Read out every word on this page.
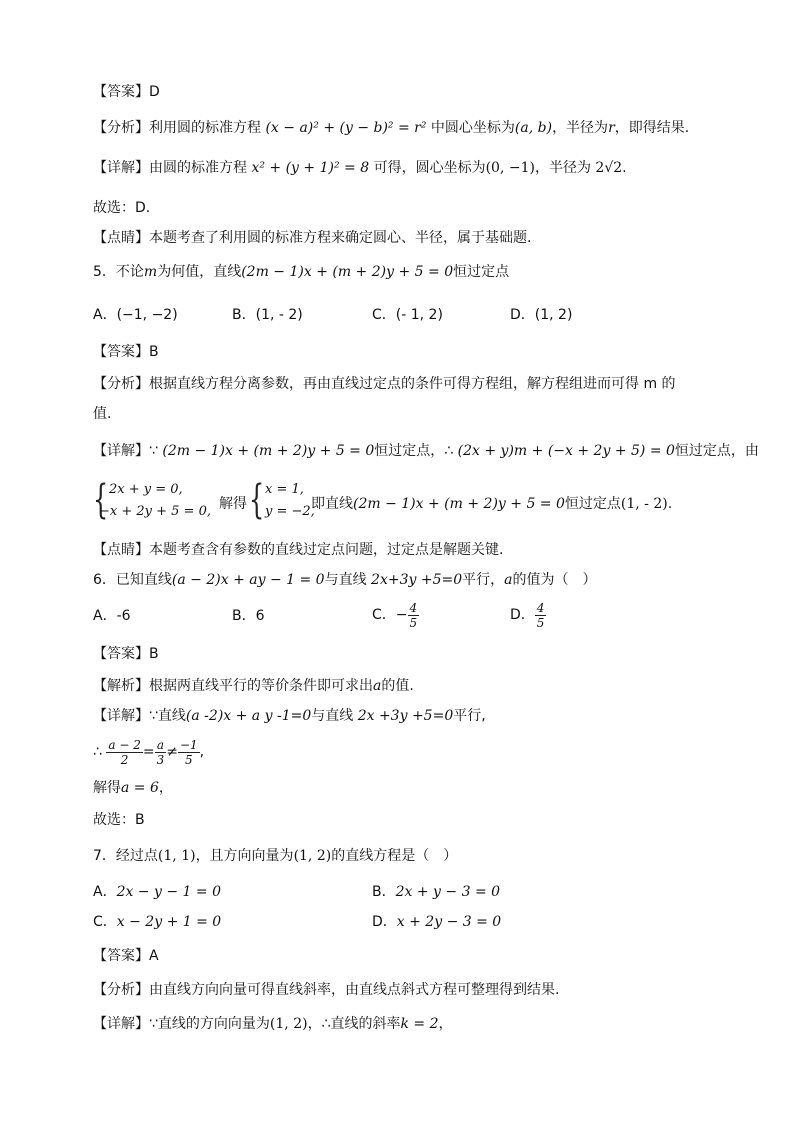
【答案】D
【分析】利用圆的标准方程 (x − a)² + (y − b)² = r² 中圆心坐标为(a, b)，半径为r，即得结果.
【详解】由圆的标准方程 x² + (y + 1)² = 8 可得，圆心坐标为(0, −1)，半径为 2√2.
故选：D.
【点睛】本题考查了利用圆的标准方程来确定圆心、半径，属于基础题.
5．不论m为何值，直线(2m − 1)x + (m + 2)y + 5 = 0恒过定点
A．(−1, −2)	B．(1, - 2)	C．(- 1, 2)	D．(1, 2)
【答案】B
【分析】根据直线方程分离参数，再由直线过定点的条件可得方程组，解方程组进而可得 m 的
值.
【详解】∵ (2m − 1)x + (m + 2)y + 5 = 0恒过定点，∴ (2x + y)m + (−x + 2y + 5) = 0恒过定点，由
{ 2x + y = 0,
−x + 2y + 5 = 0, 解得 { x = 1,
y = −2,
即直线(2m − 1)x + (m + 2)y + 5 = 0恒过定点(1, - 2).
【点睛】本题考查含有参数的直线过定点问题，过定点是解题关键.
6．已知直线(a − 2)x + ay − 1 = 0与直线 2x+3y +5=0平行，a的值为（　）
A．-6	B．6	C．− $\frac{4}{5}$	D． $\frac{4}{5}$
【答案】B
【解析】根据两直线平行的等价条件即可求出a的值.
【详解】∵直线(a -2)x + a y -1=0与直线 2x +3y +5=0平行,
∴ $\frac{a - 2}{2} = \frac{a}{3} \ne \frac{-1}{5}$ ,
解得a = 6，
故选：B
7．经过点(1, 1)，且方向向量为(1, 2)的直线方程是（　）
A．2x − y − 1 = 0	B．2x + y − 3 = 0
C．x − 2y + 1 = 0	D．x + 2y − 3 = 0
【答案】A
【分析】由直线方向向量可得直线斜率，由直线点斜式方程可整理得到结果.
【详解】∵直线的方向向量为(1, 2)，∴直线的斜率k = 2，
